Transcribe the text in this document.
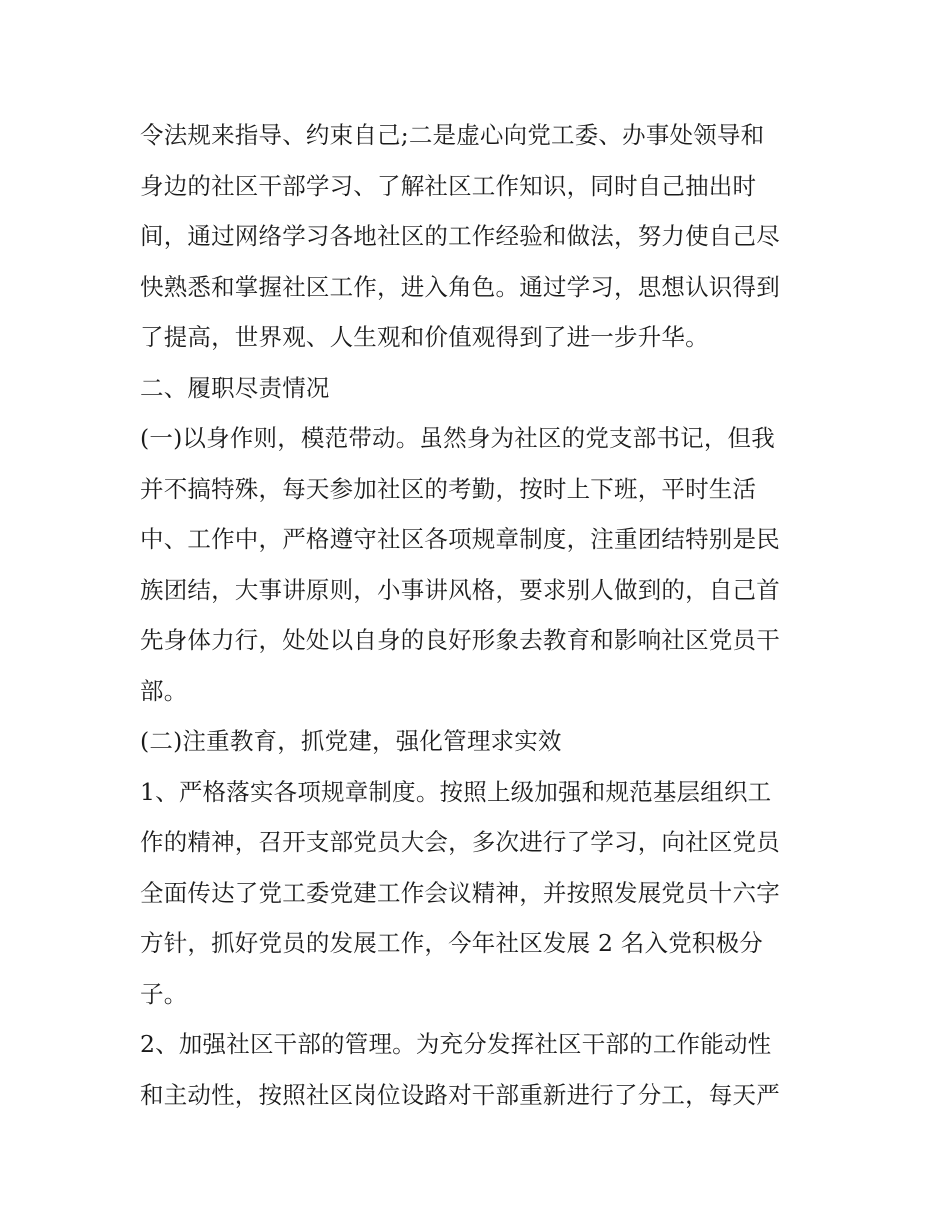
令法规来指导、约束自己;二是虚心向党工委、办事处领导和
身边的社区干部学习、了解社区工作知识，同时自己抽出时
间，通过网络学习各地社区的工作经验和做法，努力使自己尽
快熟悉和掌握社区工作，进入角色。通过学习，思想认识得到
了提高，世界观、人生观和价值观得到了进一步升华。
二、履职尽责情况
(一)以身作则，模范带动。虽然身为社区的党支部书记，但我
并不搞特殊，每天参加社区的考勤，按时上下班，平时生活
中、工作中，严格遵守社区各项规章制度，注重团结特别是民
族团结，大事讲原则，小事讲风格，要求别人做到的，自己首
先身体力行，处处以自身的良好形象去教育和影响社区党员干
部。
(二)注重教育，抓党建，强化管理求实效
1、严格落实各项规章制度。按照上级加强和规范基层组织工
作的精神，召开支部党员大会，多次进行了学习，向社区党员
全面传达了党工委党建工作会议精神，并按照发展党员十六字
方针，抓好党员的发展工作，今年社区发展 2 名入党积极分
子。
2、加强社区干部的管理。为充分发挥社区干部的工作能动性
和主动性，按照社区岗位设路对干部重新进行了分工，每天严
